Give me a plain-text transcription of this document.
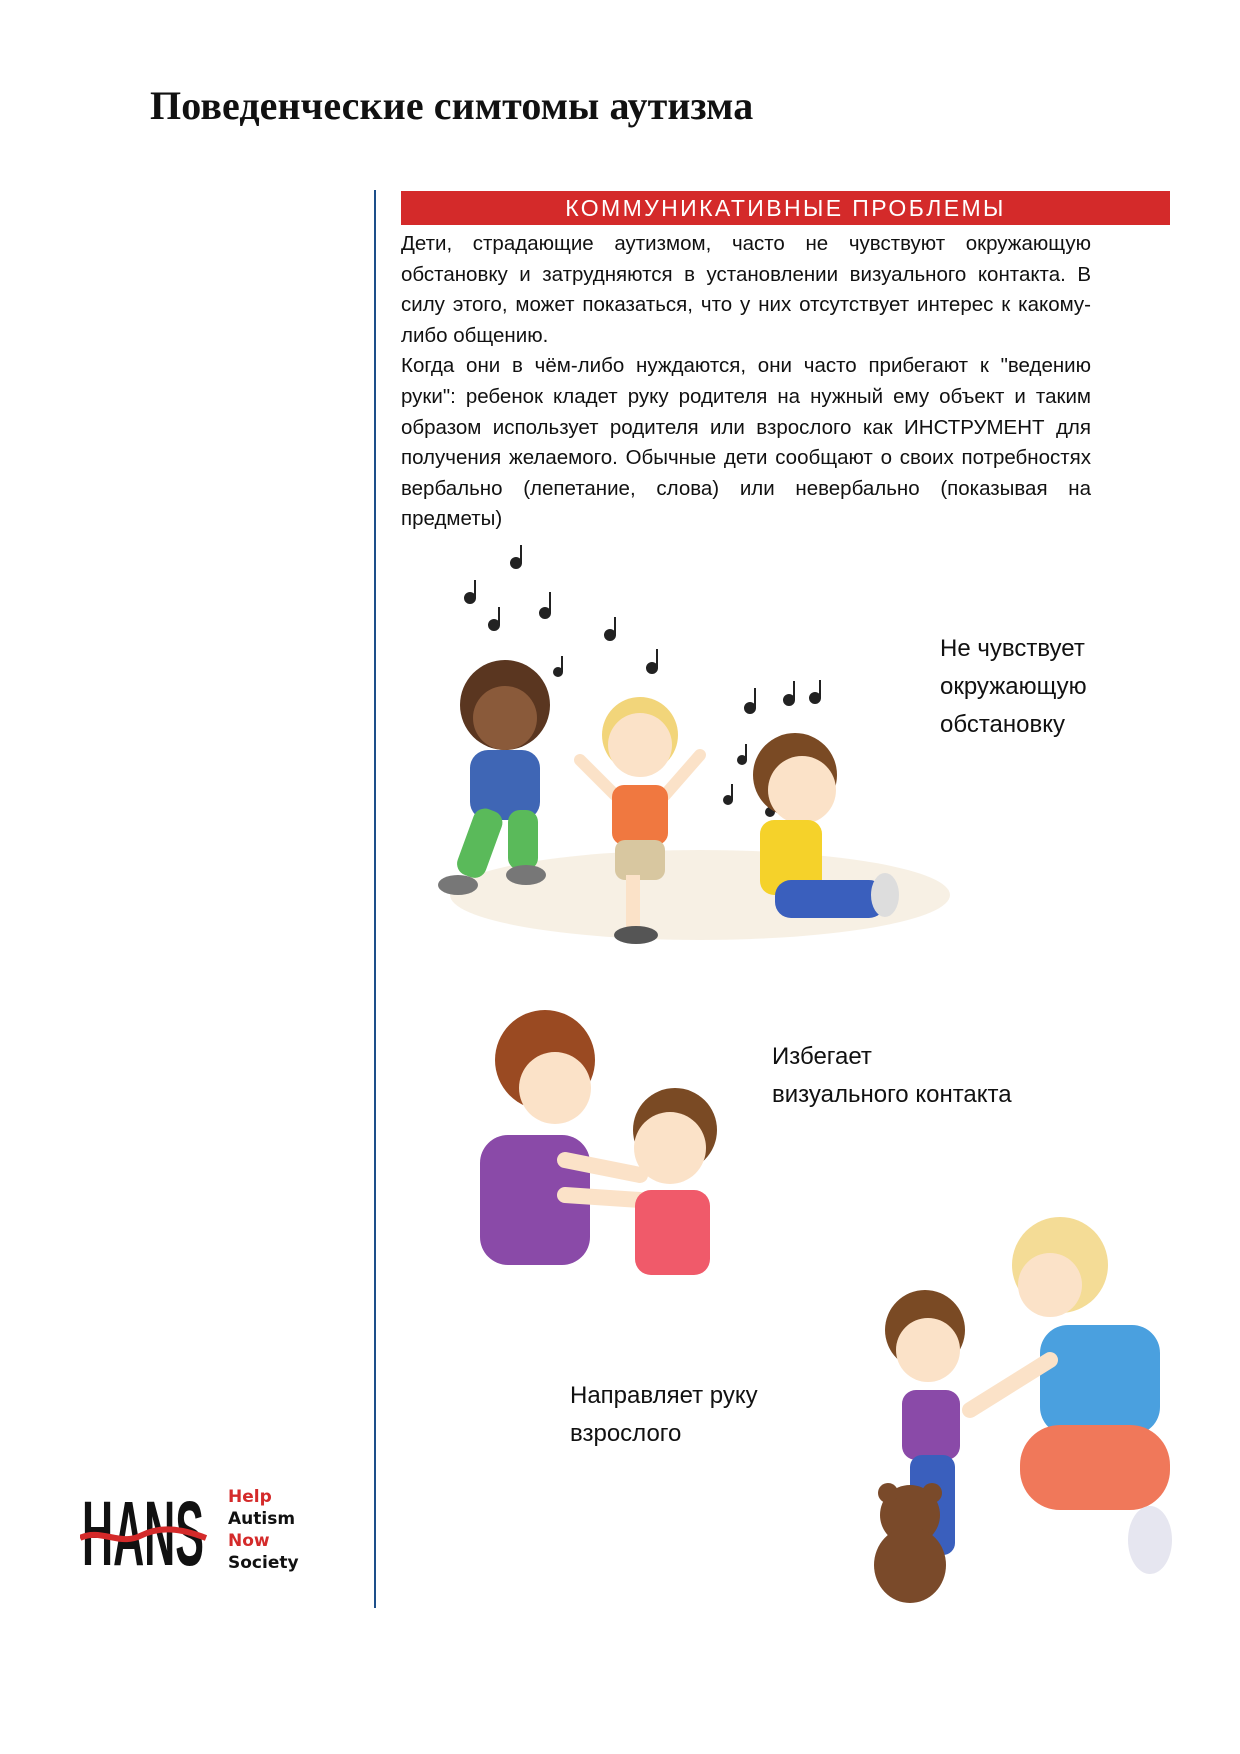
Поведенческие симтомы аутизма
КОММУНИКАТИВНЫЕ ПРОБЛЕМЫ

Дети, страдающие аутизмом, часто не чувствуют окружающую обстановку и затрудняются в установлении визуального контакта. В силу этого, может показаться, что у них отсутствует интерес к какому-либо общению.

Когда они в чём-либо нуждаются, они часто прибегают к "ведению руки": ребенок кладет руку родителя на нужный ему объект и таким образом использует родителя или взрослого как ИНСТРУМЕНТ для получения желаемого. Обычные дети сообщают о своих потребностях вербально (лепетание, слова) или невербально (показывая на предметы)

Не чувствует
окружающую
обстановку
Избегает
визуального контакта
Направляет руку
взрослого
HANS Help
Autism
Now
Society
